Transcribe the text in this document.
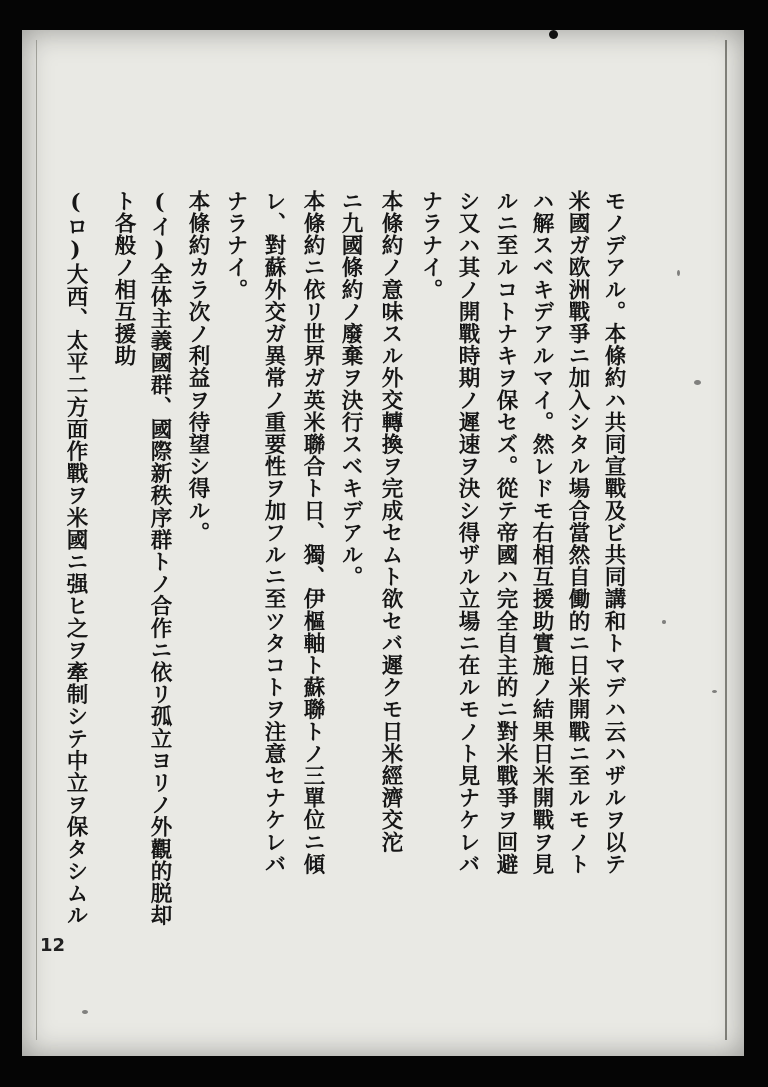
モノデアル。本條約ハ共同宣戰及ビ共同講和トマデハ云ハザルヲ以テ
米國ガ欧洲戰爭ニ加入シタル場合當然自働的ニ日米開戰ニ至ルモノト
ハ解スベキデアルマイ。然レドモ右相互援助實施ノ結果日米開戰ヲ見
ルニ至ルコトナキヲ保セズ。從テ帝國ハ完全自主的ニ對米戰爭ヲ回避
シ又ハ其ノ開戰時期ノ遲速ヲ決シ得ザル立場ニ在ルモノト見ナケレバ
ナラナイ。
本條約ノ意味スル外交轉換ヲ完成セムト欲セバ遲クモ日米經濟交沱
ニ九國條約ノ廢棄ヲ決行スベキデアル。
本條約ニ依リ世界ガ英米聯合ト日、獨、伊樞軸ト蘇聯トノ三單位ニ傾
レ、對蘇外交ガ異常ノ重要性ヲ加フルニ至ツタコトヲ注意セナケレバ
ナラナイ。
本條約カラ次ノ利益ヲ待望シ得ル。
(イ)全体主義國群、國際新秩序群トノ合作ニ依リ孤立ヨリノ外觀的脱却
ト各般ノ相互援助
(ロ)大西、太平二方面作戰ヲ米國ニ强ヒ之ヲ牽制シテ中立ヲ保タシムル
12
